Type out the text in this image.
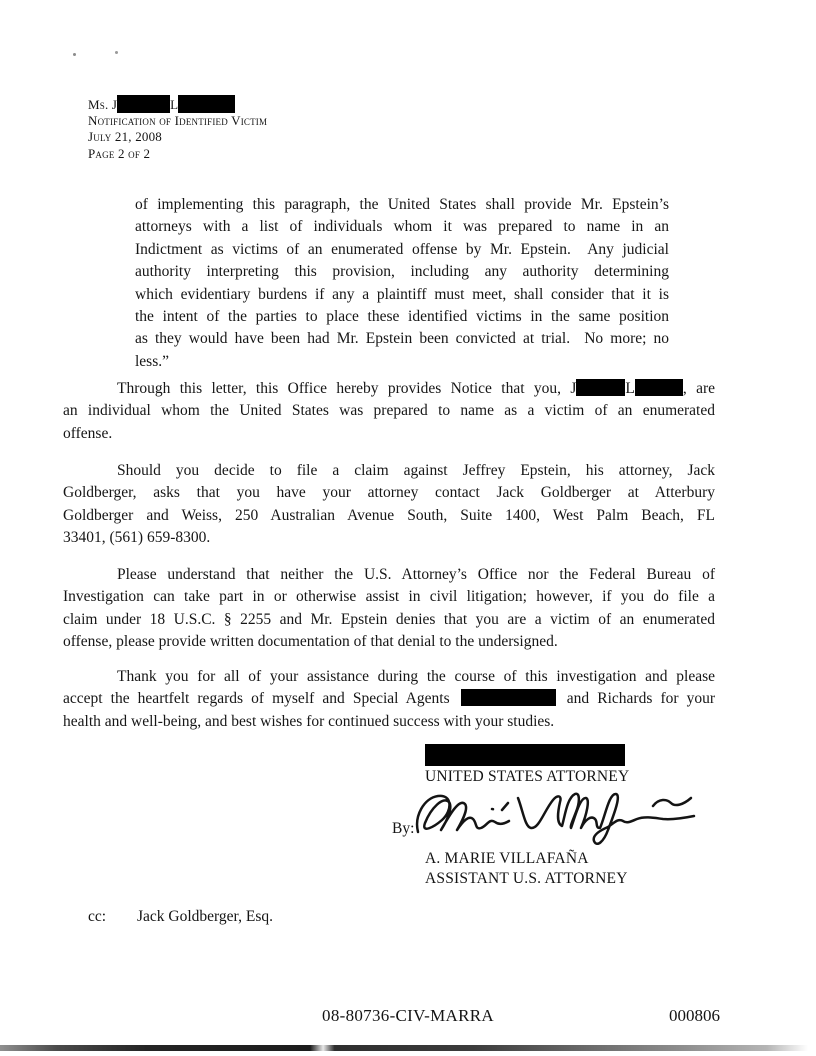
Ms. J	L
Notification of Identified Victim
July 21, 2008
Page 2 of 2
of implementing this paragraph, the United States shall provide Mr. Epstein’s
attorneys with a list of individuals whom it was prepared to name in an
Indictment as victims of an enumerated offense by Mr. Epstein.  Any judicial
authority interpreting this provision, including any authority determining
which evidentiary burdens if any a plaintiff must meet, shall consider that it is
the intent of the parties to place these identified victims in the same position
as they would have been had Mr. Epstein been convicted at trial.  No more; no
less.”
Through this letter, this Office hereby provides Notice that you, J	L	, are
an individual whom the United States was prepared to name as a victim of an enumerated
offense.
Should you decide to file a claim against Jeffrey Epstein, his attorney, Jack
Goldberger, asks that you have your attorney contact Jack Goldberger at Atterbury
Goldberger and Weiss, 250 Australian Avenue South, Suite 1400, West Palm Beach, FL
33401, (561) 659-8300.
Please understand that neither the U.S. Attorney’s Office nor the Federal Bureau of
Investigation can take part in or otherwise assist in civil litigation; however, if you do file a
claim under 18 U.S.C. § 2255 and Mr. Epstein denies that you are a victim of an enumerated
offense, please provide written documentation of that denial to the undersigned.
Thank you for all of your assistance during the course of this investigation and please
accept the heartfelt regards of myself and Special Agents	and Richards for your
health and well-being, and best wishes for continued success with your studies.
UNITED STATES ATTORNEY
By:
A. MARIE VILLAFAÑA
ASSISTANT U.S. ATTORNEY
cc: Jack Goldberger, Esq.
08-80736-CIV-MARRA	000806
